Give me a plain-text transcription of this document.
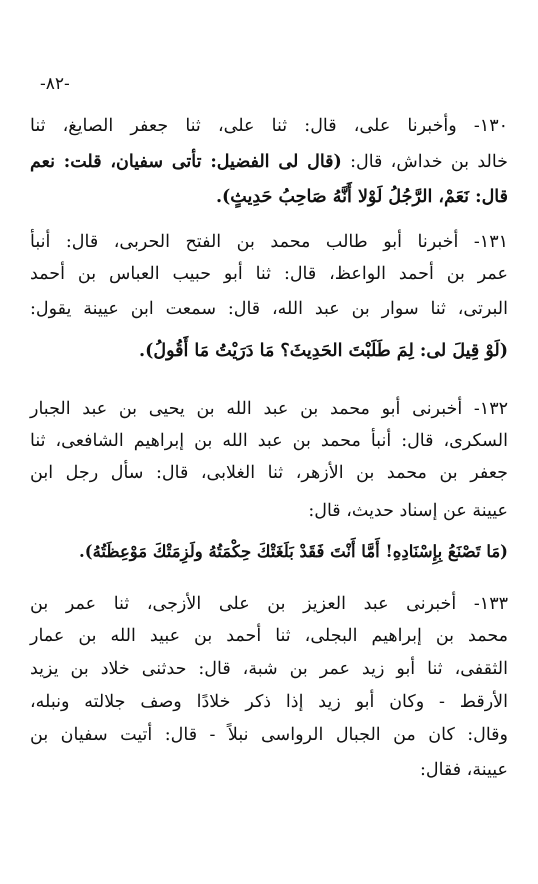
-٨٢-
١٣٠- وأخبرنا على، قال: ثنا على، ثنا جعفر الصايغ، ثنا
خالد بن خداش، قال: (قال لى الفضيل: تأتى سفيان، قلت: نعم
قال: نَعَمْ، الرَّجُلُ لَوْلا أَنَّهُ صَاحِبُ حَدِيثٍ).
١٣١- أخبرنا أبو طالب محمد بن الفتح الحربى، قال: أنبأ
عمر بن أحمد الواعظ، قال: ثنا أبو حبيب العباس بن أحمد
البرتى، ثنا سوار بن عبد الله، قال: سمعت ابن عيينة يقول:
(لَوْ قِيلَ لى: لِمَ طَلَبْتَ الحَدِيثَ؟ مَا دَرَيْتُ مَا أَقُولُ).
١٣٢- أخبرنى أبو محمد بن عبد الله بن يحيى بن عبد الجبار
السكرى، قال: أنبأ محمد بن عبد الله بن إبراهيم الشافعى، ثنا
جعفر بن محمد بن الأزهر، ثنا الغلابى، قال: سأل رجل ابن
عيينة عن إسناد حديث، قال:
(مَا تَصْنَعُ بِإِسْنَادِهِ! أَمَّا أَنْتَ فَقَدْ بَلَغَتْكَ حِكْمَتُهُ ولَزِمَتْكَ مَوْعِظَتُهُ).
١٣٣- أخبرنى عبد العزيز بن على الأزجى، ثنا عمر بن
محمد بن إبراهيم البجلى، ثنا أحمد بن عبيد الله بن عمار
الثقفى، ثنا أبو زيد عمر بن شبة، قال: حدثنى خلاد بن يزيد
الأرقط - وكان أبو زيد إذا ذكر خلادًا وصف جلالته ونبله،
وقال: كان من الجبال الرواسى نبلاً - قال: أتيت سفيان بن
عيينة، فقال:
